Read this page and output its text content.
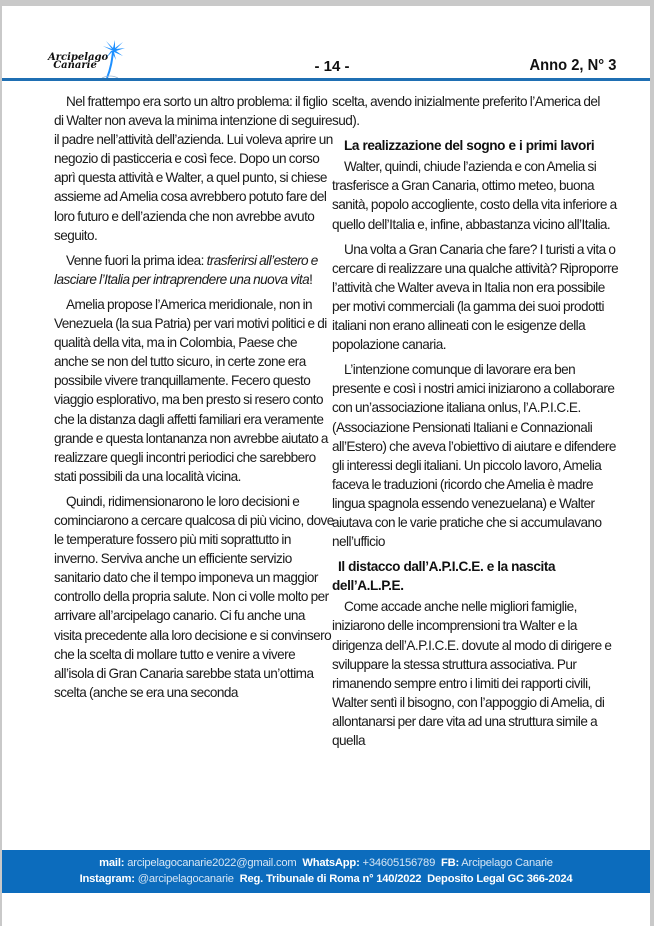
Arcipelago
Canarie	- 14 -	Anno 2, N° 3

Nel frattempo era sorto un altro problema: il figlio di Walter non aveva la minima intenzione di seguire il padre nell’attività dell’azienda. Lui voleva aprire un negozio di pasticceria e così fece. Dopo un corso aprì questa attività e Walter, a quel punto, si chiese assieme ad Amelia cosa avrebbero potuto fare del loro futuro e dell’azienda che non avrebbe avuto seguito.

Venne fuori la prima idea: trasferirsi all’estero e lasciare l’Italia per intraprendere una nuova vita!

Amelia propose l’America meridionale, non in Venezuela (la sua Patria) per vari motivi politici e di qualità della vita, ma in Colombia, Paese che anche se non del tutto sicuro, in certe zone era possibile vivere tranquillamente. Fecero questo viaggio esplorativo, ma ben presto si resero conto che la distanza dagli affetti familiari era veramente grande e questa lontananza non avrebbe aiutato a realizzare quegli incontri periodici che sarebbero stati possibili da una località vicina.

Quindi, ridimensionarono le loro decisioni e cominciarono a cercare qualcosa di più vicino, dove le temperature fossero più miti soprattutto in inverno. Serviva anche un efficiente servizio sanitario dato che il tempo imponeva un maggior controllo della propria salute. Non ci volle molto per arrivare all’arcipelago canario. Ci fu anche una visita precedente alla loro decisione e si convinsero che la scelta di mollare tutto e venire a vivere all’isola di Gran Canaria sarebbe stata un’ottima scelta (anche se era una seconda

scelta, avendo inizialmente preferito l’America del sud).

La realizzazione del sogno e i primi lavori

Walter, quindi, chiude l’azienda e con Amelia si trasferisce a Gran Canaria, ottimo meteo, buona sanità, popolo accogliente, costo della vita inferiore a quello dell’Italia e, infine, abbastanza vicino all’Italia.

Una volta a Gran Canaria che fare? I turisti a vita o cercare di realizzare una qualche attività? Riproporre l’attività che Walter aveva in Italia non era possibile per motivi commerciali (la gamma dei suoi prodotti italiani non erano allineati con le esigenze della popolazione canaria.

L’intenzione comunque di lavorare era ben presente e così i nostri amici iniziarono a collaborare con un’associazione italiana onlus, l’A.P.I.C.E. (Associazione Pensionati Italiani e Connazionali all’Estero) che aveva l’obiettivo di aiutare e difendere gli interessi degli italiani. Un piccolo lavoro, Amelia faceva le traduzioni (ricordo che Amelia è madre lingua spagnola essendo venezuelana) e Walter aiutava con le varie pratiche che si accumulavano nell’ufficio

Il distacco dall’A.P.I.C.E. e la nascita dell’A.L.P.E.

Come accade anche nelle migliori famiglie, iniziarono delle incomprensioni tra Walter e la dirigenza dell’A.P.I.C.E. dovute al modo di dirigere e sviluppare la stessa struttura associativa. Pur rimanendo sempre entro i limiti dei rapporti civili, Walter sentì il bisogno, con l’appoggio di Amelia, di allontanarsi per dare vita ad una struttura simile a quella

mail: arcipelagocanarie2022@gmail.com WhatsApp: +34605156789 FB: Arcipelago Canarie
Instagram: @arcipelagocanarie Reg. Tribunale di Roma n° 140/2022 Deposito Legal GC 366-2024
